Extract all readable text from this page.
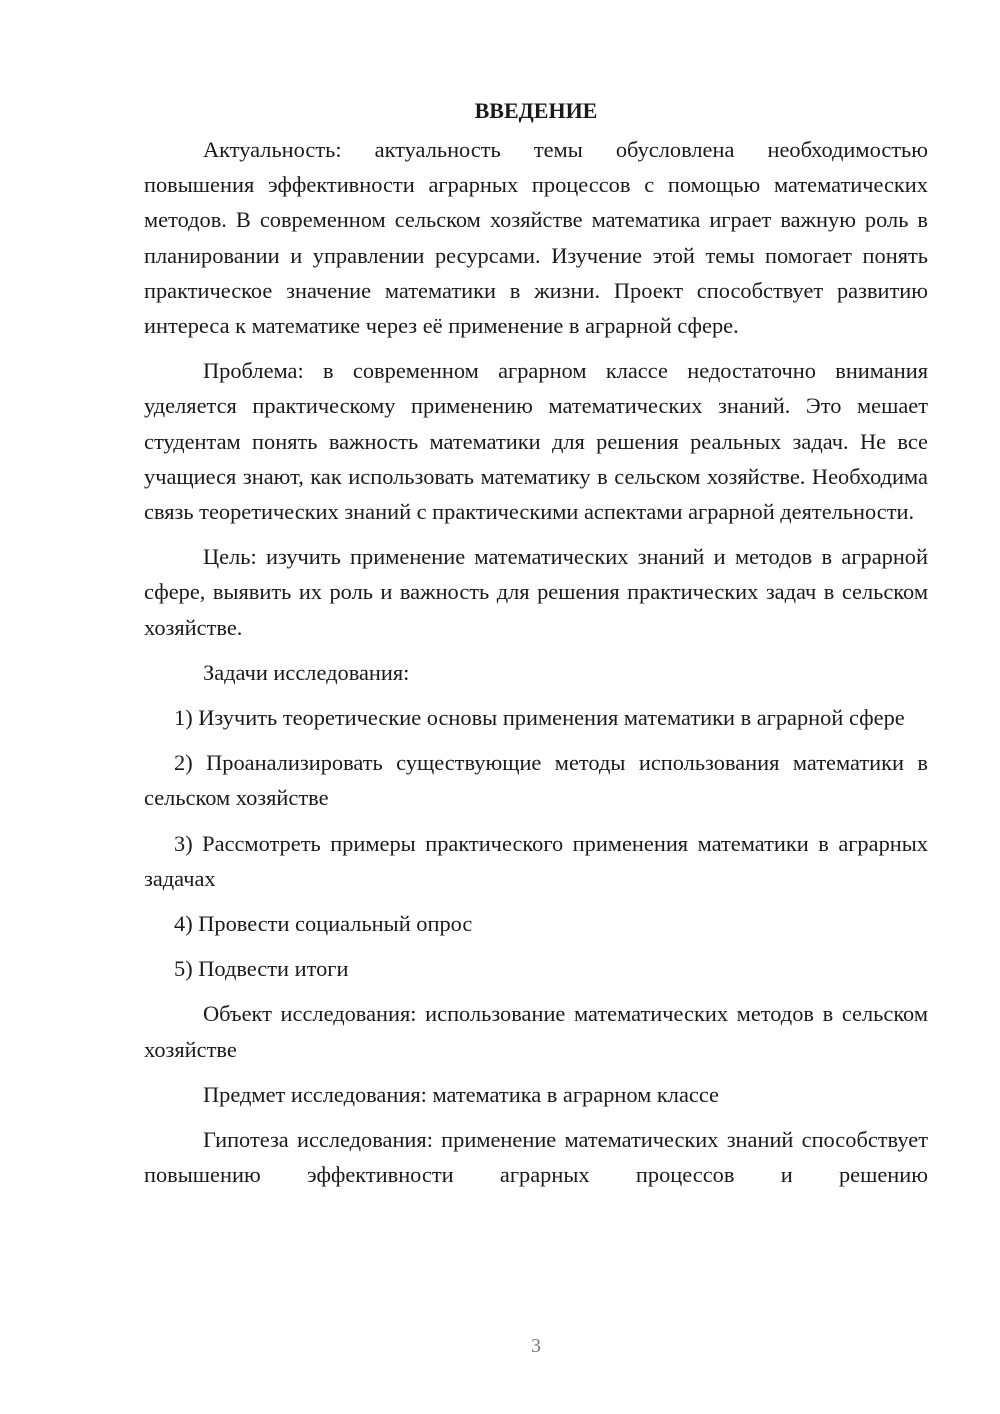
ВВЕДЕНИЕ

Актуальность: актуальность темы обусловлена необходимостью повышения эффективности аграрных процессов с помощью математических методов. В современном сельском хозяйстве математика играет важную роль в планировании и управлении ресурсами. Изучение этой темы помогает понять практическое значение математики в жизни. Проект способствует развитию интереса к математике через её применение в аграрной сфере.

Проблема: в современном аграрном классе недостаточно внимания уделяется практическому применению математических знаний. Это мешает студентам понять важность математики для решения реальных задач. Не все учащиеся знают, как использовать математику в сельском хозяйстве. Необходима связь теоретических знаний с практическими аспектами аграрной деятельности.

Цель: изучить применение математических знаний и методов в аграрной сфере, выявить их роль и важность для решения практических задач в сельском хозяйстве.

Задачи исследования:

1) Изучить теоретические основы применения математики в аграрной сфере

2) Проанализировать существующие методы использования математики в сельском хозяйстве

3) Рассмотреть примеры практического применения математики в аграрных задачах

4) Провести социальный опрос

5) Подвести итоги

Объект исследования: использование математических методов в сельском хозяйстве

Предмет исследования: математика в аграрном классе

Гипотеза исследования: применение математических знаний способствует повышению эффективности аграрных процессов и решению

3
